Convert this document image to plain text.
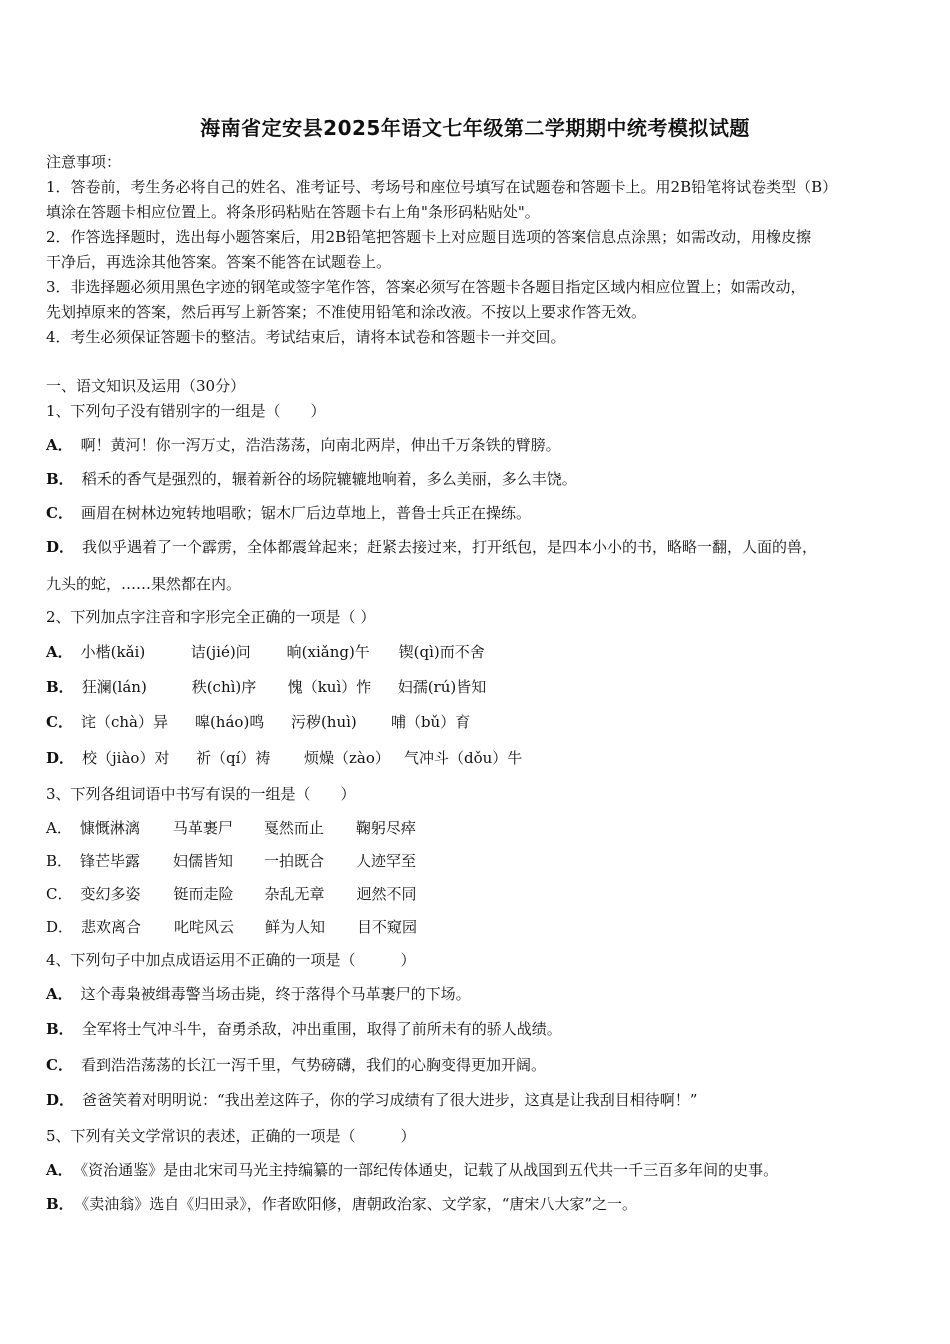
海南省定安县2025年语文七年级第二学期期中统考模拟试题
注意事项：
1．答卷前，考生务必将自己的姓名、准考证号、考场号和座位号填写在试题卷和答题卡上。用2B铅笔将试卷类型（B）
填涂在答题卡相应位置上。将条形码粘贴在答题卡右上角"条形码粘贴处"。
2．作答选择题时，选出每小题答案后，用2B铅笔把答题卡上对应题目选项的答案信息点涂黑；如需改动，用橡皮擦
干净后，再选涂其他答案。答案不能答在试题卷上。
3．非选择题必须用黑色字迹的钢笔或签字笔作答，答案必须写在答题卡各题目指定区域内相应位置上；如需改动，
先划掉原来的答案，然后再写上新答案；不准使用铅笔和涂改液。不按以上要求作答无效。
4．考生必须保证答题卡的整洁。考试结束后，请将本试卷和答题卡一并交回。
一、语文知识及运用（30分）
1、下列句子没有错别字的一组是（　　）
A． 啊！黄河！你一泻万丈，浩浩荡荡，向南北两岸，伸出千万条铁的臂膀。
B． 稻禾的香气是强烈的，辗着新谷的场院辘辘地响着，多么美丽，多么丰饶。
C． 画眉在树林边宛转地唱歌；锯木厂后边草地上，普鲁士兵正在操练。
D． 我似乎遇着了一个霹雳，全体都震耸起来；赶紧去接过来，打开纸包，是四本小小的书，略略一翻，人面的兽，
九头的蛇，……果然都在内。
2、下列加点字注音和字形完全正确的一项是（ ）
A． 小楷(kǎi)	诘(jié)问 晌(xiǎng)午 锲(qì)而不舍
B． 狂澜(lán)	秩(chì)序 愧（kuì）怍 妇孺(rú)皆知
C． 诧（chà）异 嗥(háo)鸣 污秽(huì) 哺（bǔ）育
D． 校（jiào）对 祈（qí）祷 烦燥（zào） 气冲斗（dǒu）牛
3、下列各组词语中书写有误的一组是（　　）
A． 慷慨淋漓 马革裹尸 戛然而止 鞠躬尽瘁
B． 锋芒毕露 妇儒皆知 一拍既合 人迹罕至
C． 变幻多姿 铤而走险 杂乱无章 迥然不同
D． 悲欢离合 叱咤风云 鲜为人知 目不窥园
4、下列句子中加点成语运用不正确的一项是（　　　）
A． 这个毒枭被缉毒警当场击毙，终于落得个马革裹尸的下场。
B． 全军将士气冲斗牛，奋勇杀敌，冲出重围，取得了前所未有的骄人战绩。
C． 看到浩浩荡荡的长江一泻千里，气势磅礴，我们的心胸变得更加开阔。
D． 爸爸笑着对明明说：“我出差这阵子，你的学习成绩有了很大进步，这真是让我刮目相待啊！”
5、下列有关文学常识的表述，正确的一项是（　　　）
A． 《资治通鉴》是由北宋司马光主持编纂的一部纪传体通史，记载了从战国到五代共一千三百多年间的史事。
B． 《卖油翁》选自《归田录》，作者欧阳修，唐朝政治家、文学家，“唐宋八大家”之一。
